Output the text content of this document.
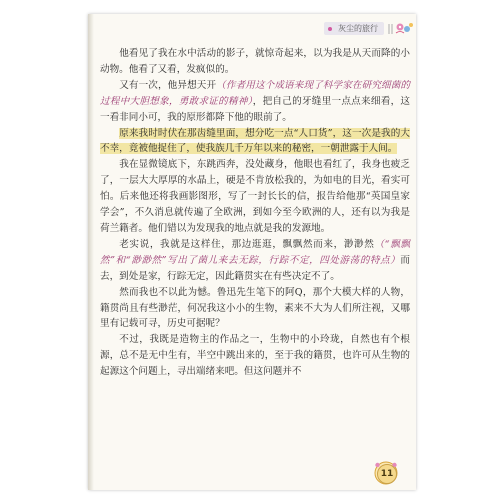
灰尘的旅行

他看见了我在水中活动的影子，就惊奇起来，以为我是从天而降的小动物。他看了又看，发疯似的。

又有一次，他异想天开（作者用这个成语来现了科学家在研究细菌的过程中大胆想象，勇敢求证的精神），把自己的牙缝里一点点来细看，这一看非同小可，我的原形都降下他的眼前了。

原来我时时伏在那齿缝里面，想分吃一点“人口货”，这一次是我的大不幸，竟被他捉住了，使我族几千万年以来的秘密，一朝泄露于人间。

我在显微镜底下，东跳西奔，没处藏身，他眼也看红了，我身也疲乏了，一层大大厚厚的水晶上，硬是不肯放松我的，为如电的目光，看实可怕。后来他还将我画影图形，写了一封长长的信，报告给他那“英国皇家学会”，不久消息就传遍了全欧洲，到如今至今欧洲的人，还有以为我是荷兰籍者。他们错以为发现我的地点就是我的发源地。

老实说，我就是这样住，那边逛逛，飘飘然而来，渺渺然（“飘飘然”和“渺渺然”写出了菌儿来去无踪，行踪不定，四处游荡的特点）而去，到处是家，行踪无定，因此籍贯实在有些决定不了。

然而我也不以此为憾。鲁迅先生笔下的阿Q，那个大模大样的人物，籍贯尚且有些渺茫，何况我这小小的生物，素来不大为人们所注视，又哪里有记载可寻，历史可据呢？

不过，我既是造物主的作品之一，生物中的小玲珑，自然也有个根源，总不是无中生有，半空中跳出来的，至于我的籍贯，也许可从生物的起源这个问题上，寻出端绪来吧。但这问题并不

11
